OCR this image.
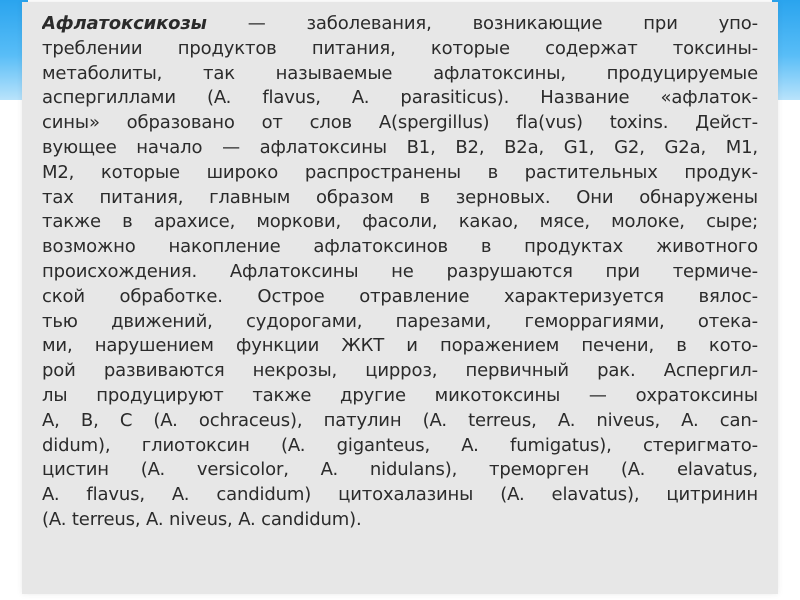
Афлатоксикозы — заболевания, возникающие при упо-
треблении продуктов питания, которые содержат токсины-
метаболиты, так называемые афлатоксины, продуцируемые
аспергиллами (A. flavus, A. parasiticus). Название «афлаток-
сины» образовано от слов A(spergillus) fla(vus) toxins. Дейст-
вующее начало — афлатоксины В1, В2, В2а, G1, G2, G2a, M1,
M2, которые широко распространены в растительных продук-
тах питания, главным образом в зерновых. Они обнаружены
также в арахисе, моркови, фасоли, какао, мясе, молоке, сыре;
возможно накопление афлатоксинов в продуктах животного
происхождения. Афлатоксины не разрушаются при термиче-
ской обработке. Острое отравление характеризуется вялос-
тью движений, судорогами, парезами, геморрагиями, отека-
ми, нарушением функции ЖКТ и поражением печени, в кото-
рой развиваются некрозы, цирроз, первичный рак. Аспергил-
лы продуцируют также другие микотоксины — охратоксины
A, B, C (A. ochraceus), патулин (A. terreus, A. niveus, A. can-
didum), глиотоксин (A. giganteus, A. fumigatus), стеригмато-
цистин (A. versicolor, A. nidulans), треморген (A. elavatus,
A. flavus, A. candidum) цитохалазины (A. elavatus), цитринин
(A. terreus, A. niveus, A. candidum).
